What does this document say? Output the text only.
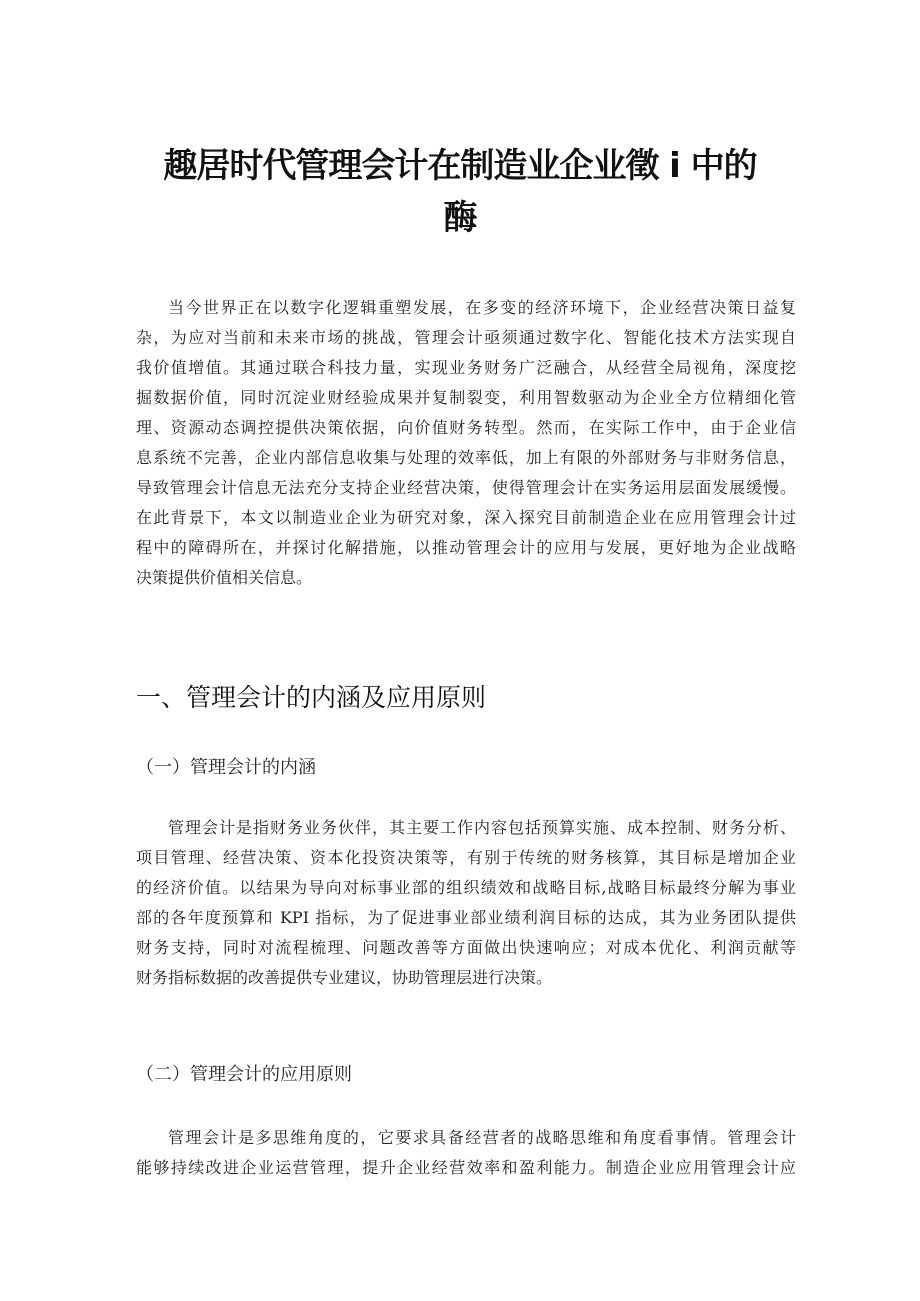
趣居时代管理会计在制造业企业徵 i 中的
酶
当今世界正在以数字化逻辑重塑发展，在多变的经济环境下，企业经营决策日益复
杂，为应对当前和未来市场的挑战，管理会计亟须通过数字化、智能化技术方法实现自
我价值增值。其通过联合科技力量，实现业务财务广泛融合，从经营全局视角，深度挖
掘数据价值，同时沉淀业财经验成果并复制裂变，利用智数驱动为企业全方位精细化管
理、资源动态调控提供决策依据，向价值财务转型。然而，在实际工作中，由于企业信
息系统不完善，企业内部信息收集与处理的效率低，加上有限的外部财务与非财务信息，
导致管理会计信息无法充分支持企业经营决策，使得管理会计在实务运用层面发展缓慢。
在此背景下，本文以制造业企业为研究对象，深入探究目前制造企业在应用管理会计过
程中的障碍所在，并探讨化解措施，以推动管理会计的应用与发展，更好地为企业战略
决策提供价值相关信息。
一、管理会计的内涵及应用原则
（一）管理会计的内涵
管理会计是指财务业务伙伴，其主要工作内容包括预算实施、成本控制、财务分析、
项目管理、经营决策、资本化投资决策等，有别于传统的财务核算，其目标是增加企业
的经济价值。以结果为导向对标事业部的组织绩效和战略目标,战略目标最终分解为事业
部的各年度预算和 KPI 指标，为了促进事业部业绩利润目标的达成，其为业务团队提供
财务支持，同时对流程梳理、问题改善等方面做出快速响应；对成本优化、利润贡献等
财务指标数据的改善提供专业建议，协助管理层进行决策。
（二）管理会计的应用原则
管理会计是多思维角度的，它要求具备经营者的战略思维和角度看事情。管理会计
能够持续改进企业运营管理，提升企业经营效率和盈利能力。制造企业应用管理会计应
